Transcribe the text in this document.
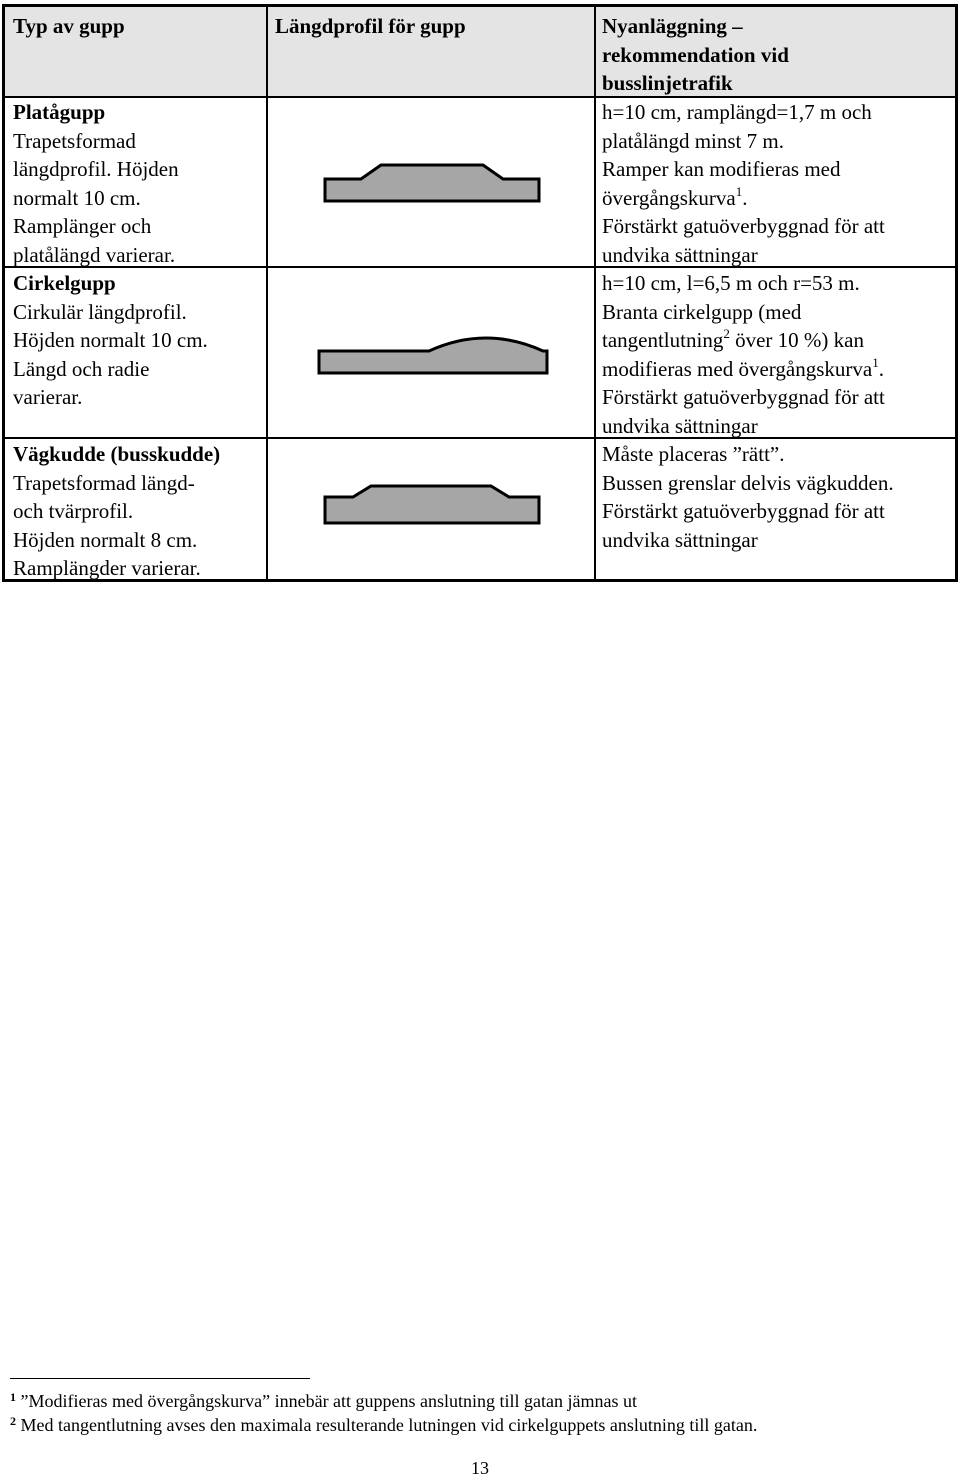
Typ av gupp	Längdprofil för gupp	Nyanläggning – rekommendation vid busslinjetrafik
Platågupp
Trapetsformad
längdprofil. Höjden
normalt 10 cm.
Ramplänger och
platålängd varierar.
h=10 cm, ramplängd=1,7 m och
platålängd minst 7 m.
Ramper kan modifieras med
övergångskurva$^1$.
Förstärkt gatuöverbyggnad för att
undvika sättningar
Cirkelgupp
Cirkulär längdprofil.
Höjden normalt 10 cm.
Längd och radie
varierar.
h=10 cm, l=6,5 m och r=53 m.
Branta cirkelgupp (med
tangentlutning$^2$ över 10 %) kan
modifieras med övergångskurva$^1$.
Förstärkt gatuöverbyggnad för att
undvika sättningar
Vägkudde (busskudde)
Trapetsformad längd-
och tvärprofil.
Höjden normalt 8 cm.
Ramplängder varierar.
Måste placeras ”rätt”.
Bussen grenslar delvis vägkudden.
Förstärkt gatuöverbyggnad för att
undvika sättningar
$^1$ ”Modifieras med övergångskurva” innebär att guppens anslutning till gatan jämnas ut
$^2$ Med tangentlutning avses den maximala resulterande lutningen vid cirkelguppets anslutning till gatan.
13
